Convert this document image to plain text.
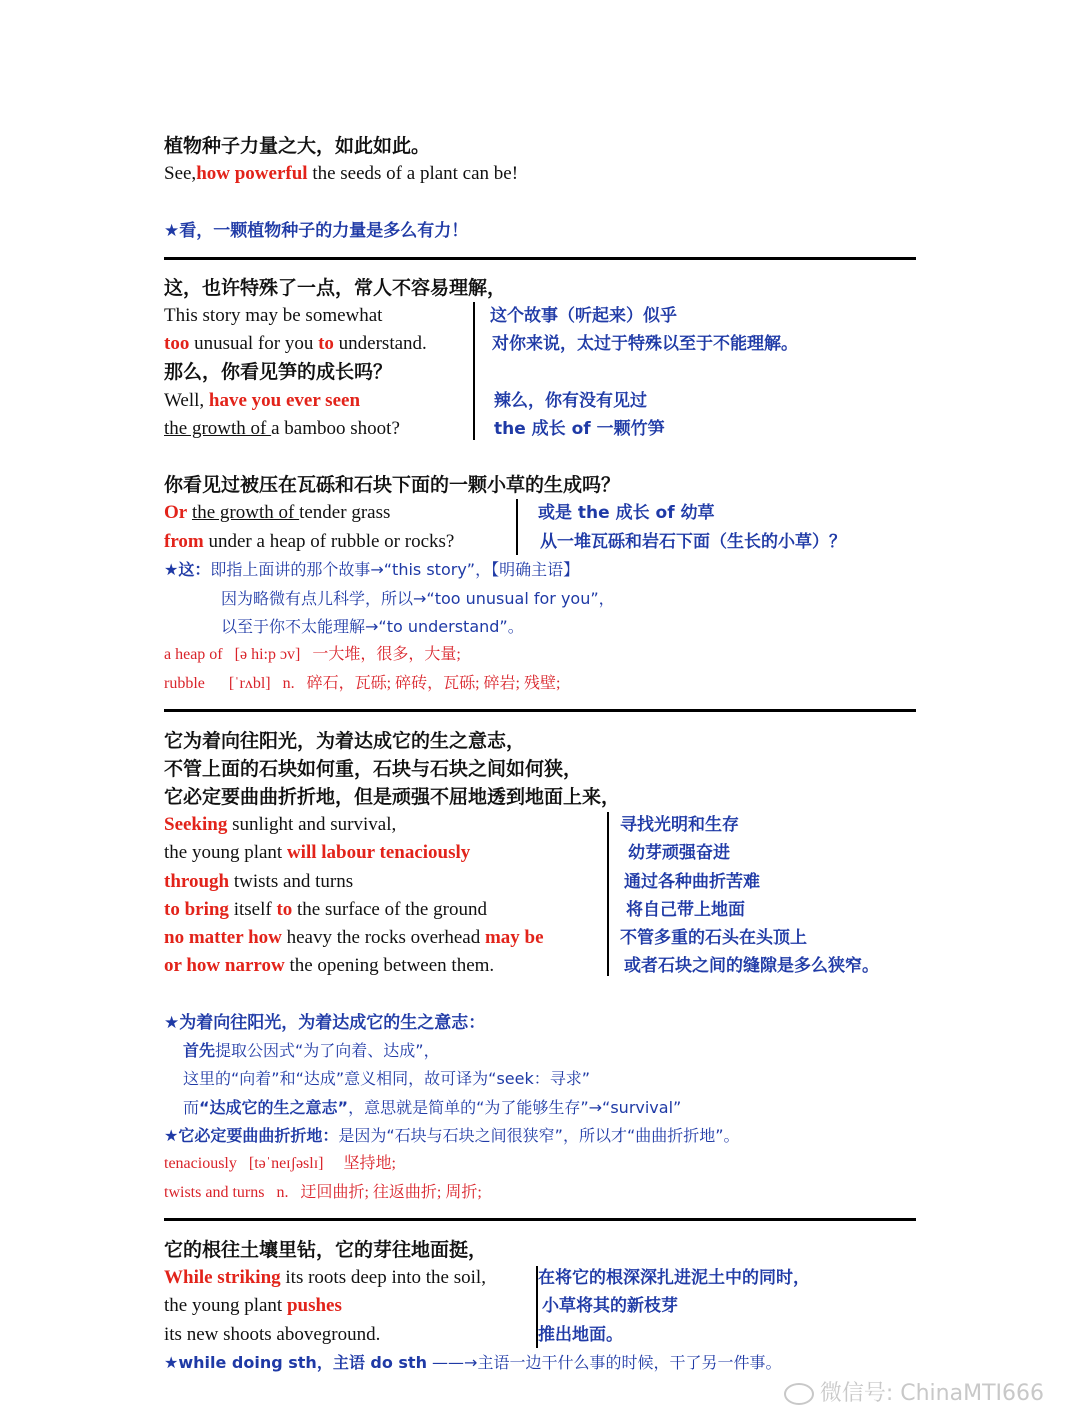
植物种子力量之大，如此如此。
See,how powerful the seeds of a plant can be!
★看，一颗植物种子的力量是多么有力！
这，也许特殊了一点，常人不容易理解，
This story may be somewhat
too unusual for you to understand.
那么，你看见笋的成长吗？
Well, have you ever seen
the growth of a bamboo shoot?
这个故事（听起来）似乎
对你来说，太过于特殊以至于不能理解。
辣么，你有没有见过
the 成长 of 一颗竹笋
你看见过被压在瓦砾和石块下面的一颗小草的生成吗？
Or the growth of tender grass
from under a heap of rubble or rocks?
或是 the 成长 of 幼草
从一堆瓦砾和岩石下面（生长的小草）？
★这：即指上面讲的那个故事→“this story”，【明确主语】
因为略微有点儿科学，所以→“too unusual for you”，
以至于你不太能理解→“to understand”。
a heap of   [ə hi:p ɔv]   一大堆，很多，大量;
rubble      [ˈrʌbl]   n.   碎石，瓦砾; 碎砖，瓦砾; 碎岩; 残壁;
它为着向往阳光，为着达成它的生之意志，
不管上面的石块如何重，石块与石块之间如何狭，
它必定要曲曲折折地，但是顽强不屈地透到地面上来，
Seeking sunlight and survival,
the young plant will labour tenaciously
through twists and turns
to bring itself to the surface of the ground
no matter how heavy the rocks overhead may be
or how narrow the opening between them.
寻找光明和生存
幼芽顽强奋进
通过各种曲折苦难
将自己带上地面
不管多重的石头在头顶上
或者石块之间的缝隙是多么狭窄。
★为着向往阳光，为着达成它的生之意志：
首先提取公因式“为了向着、达成”，
这里的“向着”和“达成”意义相同，故可译为“seek：寻求”
而“达成它的生之意志”，意思就是简单的“为了能够生存”→“survival”
★它必定要曲曲折折地：是因为“石块与石块之间很狭窄”，所以才“曲曲折折地”。
tenaciously   [təˈneɪʃəslɪ]     坚持地;
twists and turns   n.   迂回曲折; 往返曲折; 周折;
它的根往土壤里钻，它的芽往地面挺，
While striking its roots deep into the soil,
the young plant pushes
its new shoots aboveground.
在将它的根深深扎进泥土中的同时，
小草将其的新枝芽
推出地面。
★while doing sth，主语 do sth ——→主语一边干什么事的时候，干了另一件事。
微信号: ChinaMTI666
